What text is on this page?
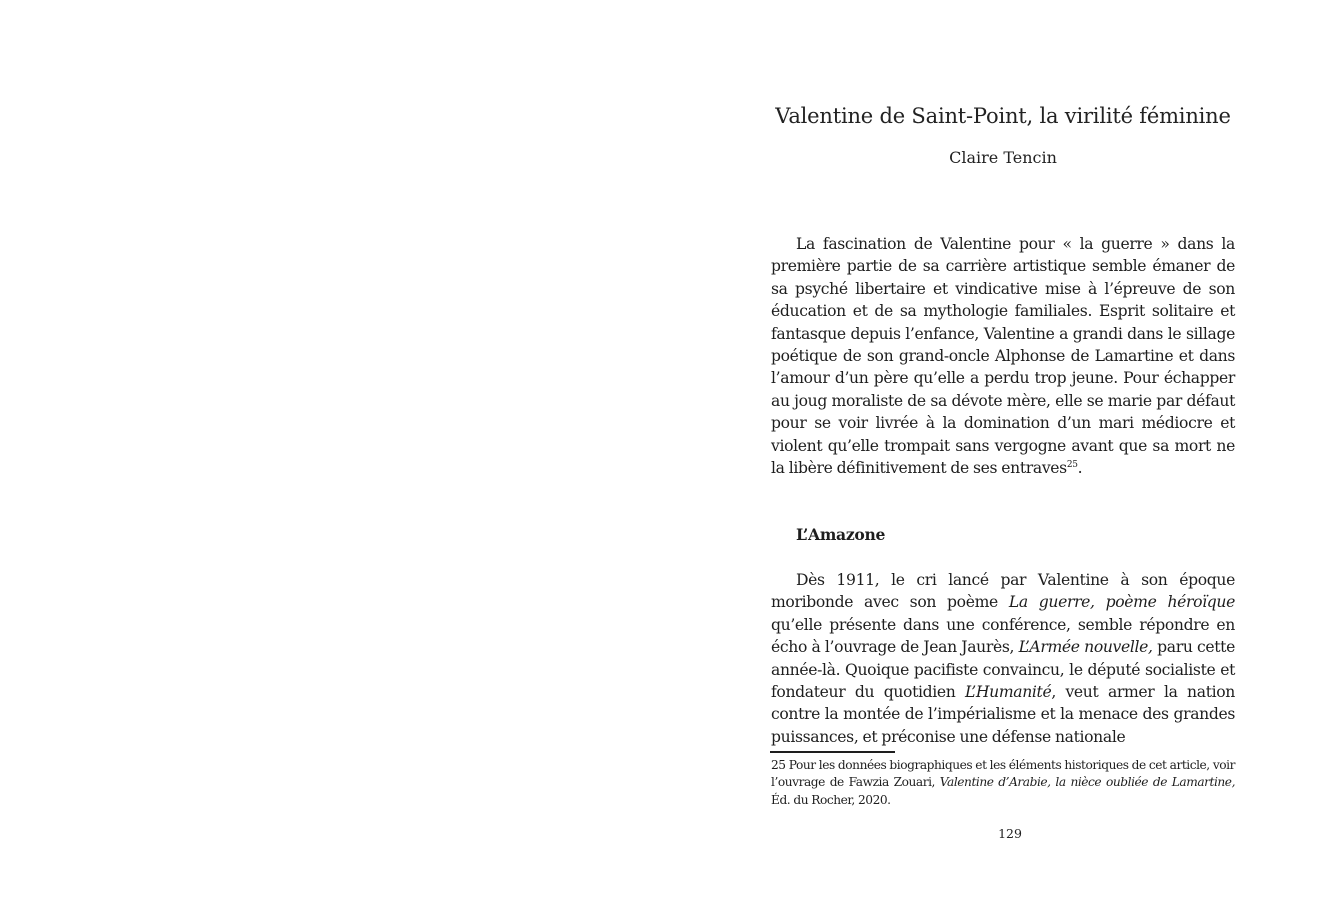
Valentine de Saint-Point, la virilité féminine
Claire Tencin

La fascination de Valentine pour « la guerre » dans la première partie de sa carrière artistique semble émaner de sa psyché libertaire et vindicative mise à l’épreuve de son éducation et de sa mythologie familiales. Esprit solitaire et fantasque depuis l’enfance, Valentine a grandi dans le sillage poétique de son grand-oncle Alphonse de Lamartine et dans l’amour d’un père qu’elle a perdu trop jeune. Pour échapper au joug moraliste de sa dévote mère, elle se marie par défaut pour se voir livrée à la domination d’un mari médiocre et violent qu’elle trompait sans vergogne avant que sa mort ne la libère définitivement de ses entraves$^{25}$.

L’Amazone

Dès 1911, le cri lancé par Valentine à son époque moribonde avec son poème La guerre, poème héroïque qu’elle présente dans une conférence, semble répondre en écho à l’ouvrage de Jean Jaurès, L’Armée nouvelle, paru cette année-là. Quoique pacifiste convaincu, le député socialiste et fondateur du quotidien L’Humanité, veut armer la nation contre la montée de l’impérialisme et la menace des grandes puissances, et préconise une défense nationale

25 Pour les données biographiques et les éléments historiques de cet article, voir l’ouvrage de Fawzia Zouari, Valentine d’Arabie, la nièce oubliée de Lamartine, Éd. du Rocher, 2020.

129
